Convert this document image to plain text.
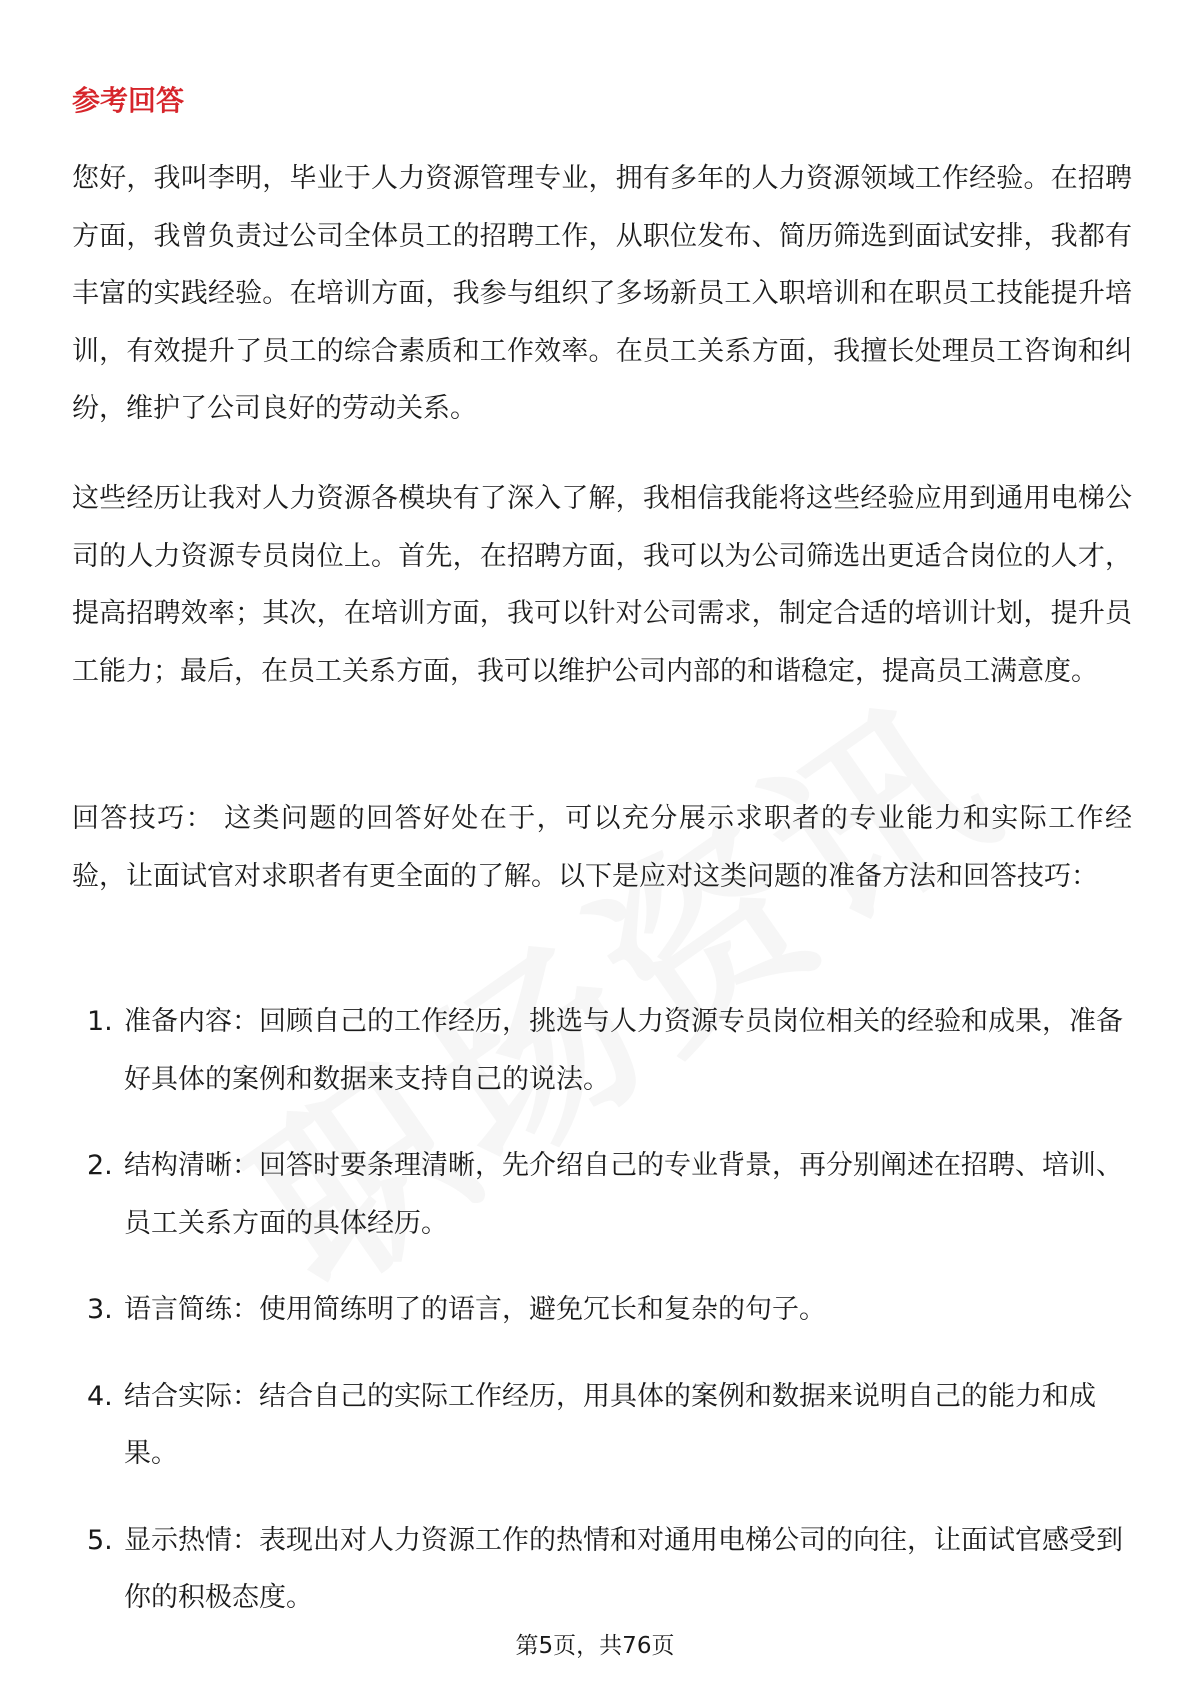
参考回答

您好，我叫李明，毕业于人力资源管理专业，拥有多年的人力资源领域工作经验。在招聘方面，我曾负责过公司全体员工的招聘工作，从职位发布、简历筛选到面试安排，我都有丰富的实践经验。在培训方面，我参与组织了多场新员工入职培训和在职员工技能提升培训，有效提升了员工的综合素质和工作效率。在员工关系方面，我擅长处理员工咨询和纠纷，维护了公司良好的劳动关系。

这些经历让我对人力资源各模块有了深入了解，我相信我能将这些经验应用到通用电梯公司的人力资源专员岗位上。首先，在招聘方面，我可以为公司筛选出更适合岗位的人才，提高招聘效率；其次，在培训方面，我可以针对公司需求，制定合适的培训计划，提升员工能力；最后，在员工关系方面，我可以维护公司内部的和谐稳定，提高员工满意度。

回答技巧： 这类问题的回答好处在于，可以充分展示求职者的专业能力和实际工作经验，让面试官对求职者有更全面的了解。以下是应对这类问题的准备方法和回答技巧：

1. 准备内容：回顾自己的工作经历，挑选与人力资源专员岗位相关的经验和成果，准备好具体的案例和数据来支持自己的说法。
2. 结构清晰：回答时要条理清晰，先介绍自己的专业背景，再分别阐述在招聘、培训、员工关系方面的具体经历。
3. 语言简练：使用简练明了的语言，避免冗长和复杂的句子。
4. 结合实际：结合自己的实际工作经历，用具体的案例和数据来说明自己的能力和成果。
5. 显示热情：表现出对人力资源工作的热情和对通用电梯公司的向往，让面试官感受到你的积极态度。
第5页，共76页
